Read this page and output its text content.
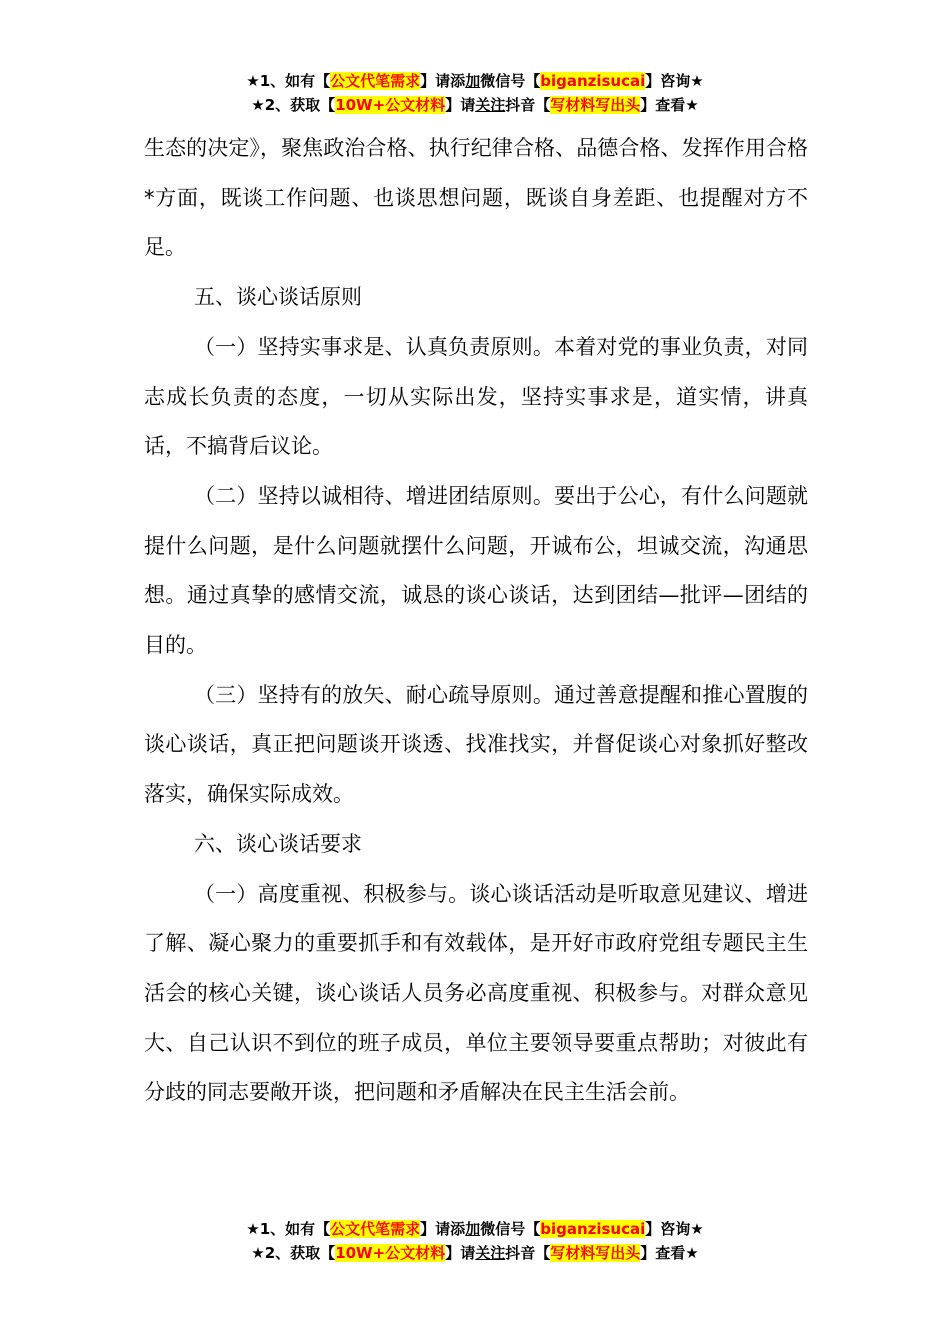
★1、如有【公文代笔需求】请添加微信号【biganzisucai】咨询★
★2、获取【10W+公文材料】请关注抖音【写材料写出头】查看★

生态的决定》，聚焦政治合格、执行纪律合格、品德合格、发挥作用合格*方面，既谈工作问题、也谈思想问题，既谈自身差距、也提醒对方不足。

五、谈心谈话原则

（一）坚持实事求是、认真负责原则。本着对党的事业负责，对同志成长负责的态度，一切从实际出发，坚持实事求是，道实情，讲真话，不搞背后议论。

（二）坚持以诚相待、增进团结原则。要出于公心，有什么问题就提什么问题，是什么问题就摆什么问题，开诚布公，坦诚交流，沟通思想。通过真挚的感情交流，诚恳的谈心谈话，达到团结—批评—团结的目的。

（三）坚持有的放矢、耐心疏导原则。通过善意提醒和推心置腹的谈心谈话，真正把问题谈开谈透、找准找实，并督促谈心对象抓好整改落实，确保实际成效。

六、谈心谈话要求

（一）高度重视、积极参与。谈心谈话活动是听取意见建议、增进了解、凝心聚力的重要抓手和有效载体，是开好市政府党组专题民主生活会的核心关键，谈心谈话人员务必高度重视、积极参与。对群众意见大、自己认识不到位的班子成员，单位主要领导要重点帮助；对彼此有分歧的同志要敞开谈，把问题和矛盾解决在民主生活会前。

★1、如有【公文代笔需求】请添加微信号【biganzisucai】咨询★
★2、获取【10W+公文材料】请关注抖音【写材料写出头】查看★
